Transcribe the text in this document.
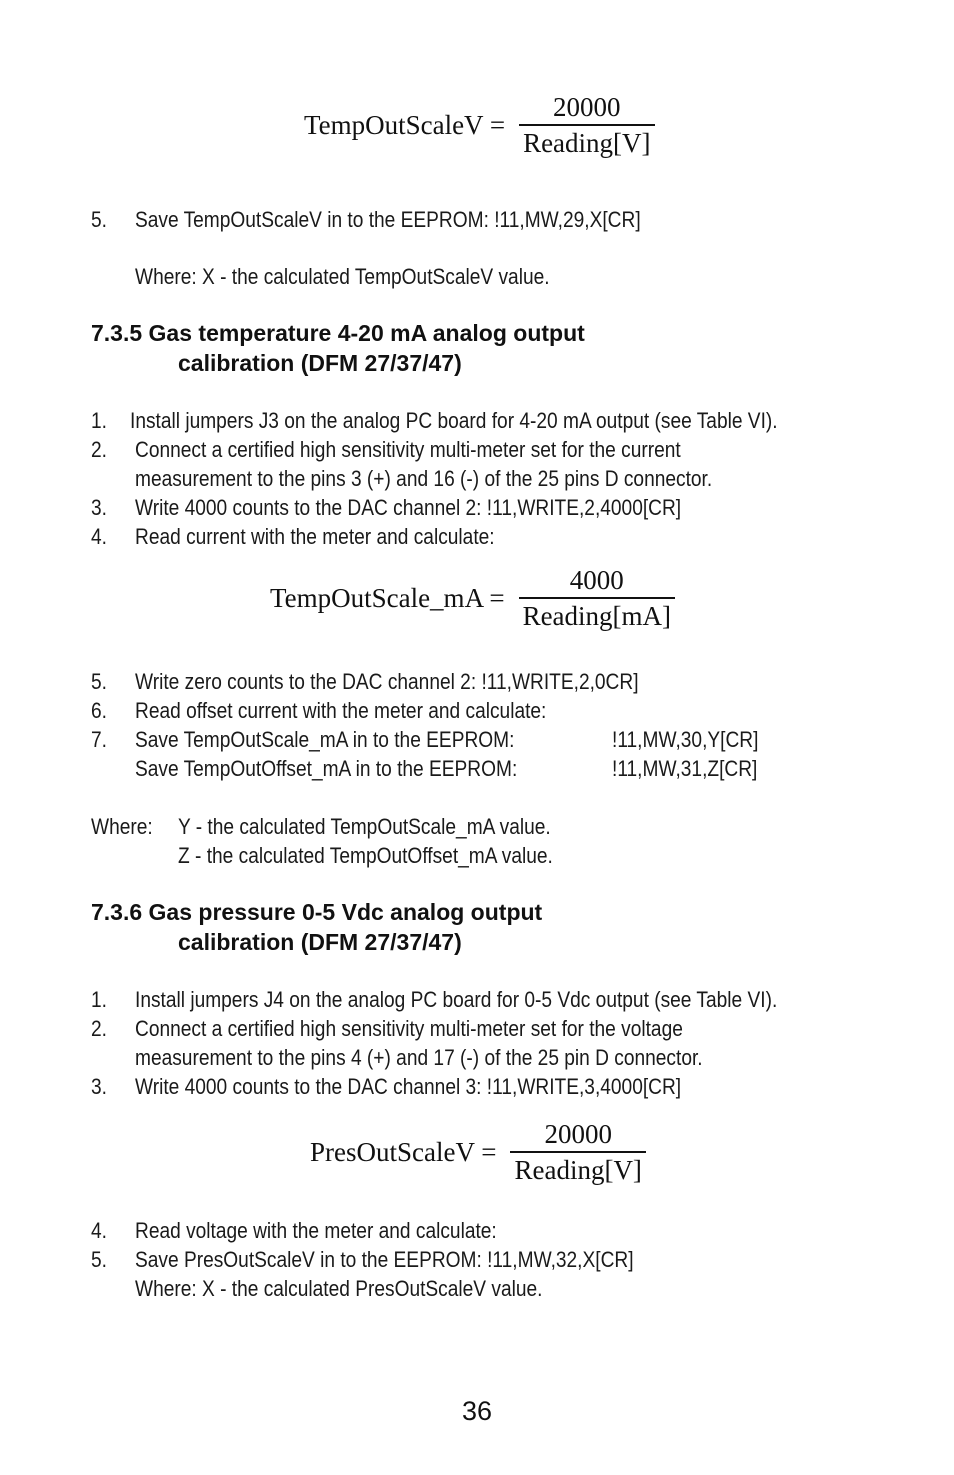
TempOutScaleV = $\frac{20000}{\text{Reading[V]}}$
5. Save TempOutScaleV in to the EEPROM: !11,MW,29,X[CR]
Where: X - the calculated TempOutScaleV value.
7.3.5 Gas temperature 4-20 mA analog output
calibration (DFM 27/37/47)
1. Install jumpers J3 on the analog PC board for 4-20 mA output (see Table VI).
2. Connect a certified high sensitivity multi-meter set for the current
measurement to the pins 3 (+) and 16 (-) of the 25 pins D connector.
3. Write 4000 counts to the DAC channel 2: !11,WRITE,2,4000[CR]
4. Read current with the meter and calculate:
TempOutScale_mA = $\frac{4000}{\text{Reading[mA]}}$
5. Write zero counts to the DAC channel 2: !11,WRITE,2,0CR]
6. Read offset current with the meter and calculate:
7. Save TempOutScale_mA in to the EEPROM:	!11,MW,30,Y[CR]
Save TempOutOffset_mA in to the EEPROM:	!11,MW,31,Z[CR]
Where: Y - the calculated TempOutScale_mA value.
Z - the calculated TempOutOffset_mA value.
7.3.6 Gas pressure 0-5 Vdc analog output
calibration (DFM 27/37/47)
1. Install jumpers J4 on the analog PC board for 0-5 Vdc output (see Table VI).
2. Connect a certified high sensitivity multi-meter set for the voltage
measurement to the pins 4 (+) and 17 (-) of the 25 pin D connector.
3. Write 4000 counts to the DAC channel 3: !11,WRITE,3,4000[CR]
PresOutScaleV = $\frac{20000}{\text{Reading[V]}}$
4. Read voltage with the meter and calculate:
5. Save PresOutScaleV in to the EEPROM: !11,MW,32,X[CR]
Where: X - the calculated PresOutScaleV value.
36
